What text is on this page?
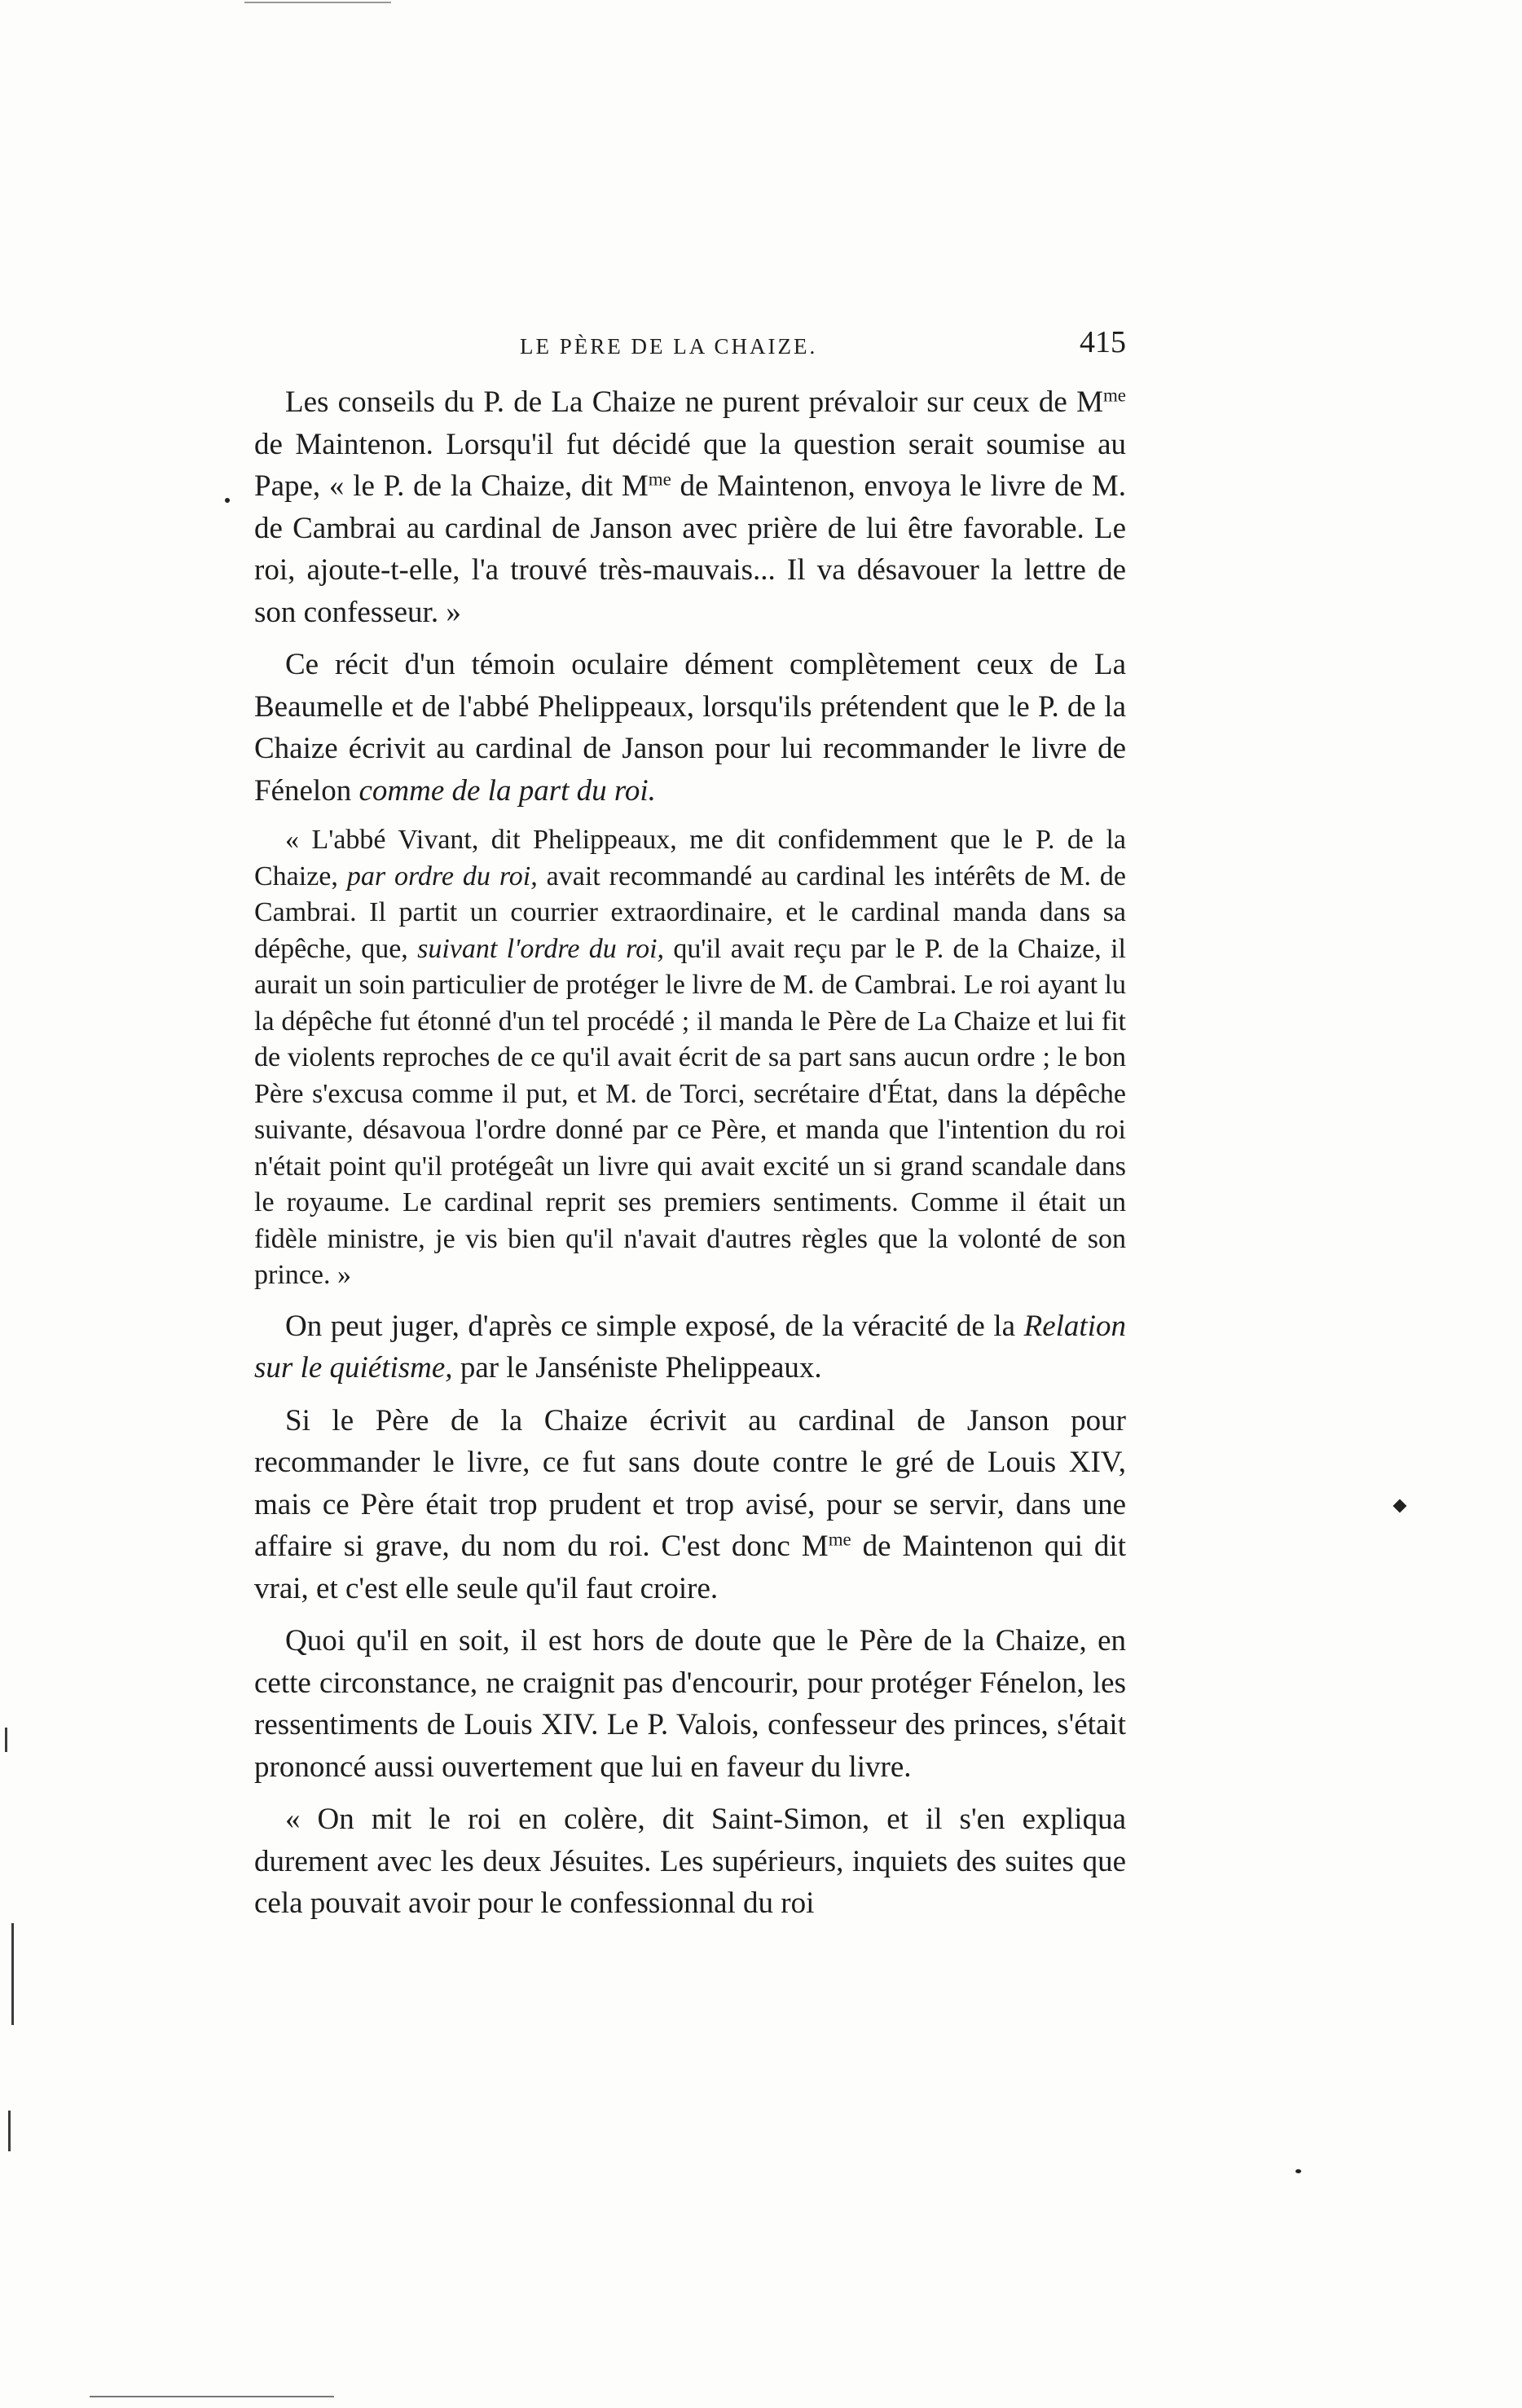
LE PÈRE DE LA CHAIZE.	415

Les conseils du P. de La Chaize ne purent prévaloir sur ceux de $M^{me}$ de Maintenon. Lorsqu'il fut décidé que la question serait soumise au Pape, « le P. de la Chaize, dit $M^{me}$ de Maintenon, envoya le livre de M. de Cambrai au cardinal de Janson avec prière de lui être favorable. Le roi, ajoute-t-elle, l'a trouvé très-mauvais... Il va désavouer la lettre de son confesseur. »

Ce récit d'un témoin oculaire dément complètement ceux de La Beaumelle et de l'abbé Phelippeaux, lorsqu'ils prétendent que le P. de la Chaize écrivit au cardinal de Janson pour lui recommander le livre de Fénelon comme de la part du roi.

« L'abbé Vivant, dit Phelippeaux, me dit confidemment que le P. de la Chaize, par ordre du roi, avait recommandé au cardinal les intérêts de M. de Cambrai. Il partit un courrier extraordinaire, et le cardinal manda dans sa dépêche, que, suivant l'ordre du roi, qu'il avait reçu par le P. de la Chaize, il aurait un soin particulier de protéger le livre de M. de Cambrai. Le roi ayant lu la dépêche fut étonné d'un tel procédé ; il manda le Père de La Chaize et lui fit de violents reproches de ce qu'il avait écrit de sa part sans aucun ordre ; le bon Père s'excusa comme il put, et M. de Torci, secrétaire d'État, dans la dépêche suivante, désavoua l'ordre donné par ce Père, et manda que l'intention du roi n'était point qu'il protégeât un livre qui avait excité un si grand scandale dans le royaume. Le cardinal reprit ses premiers sentiments. Comme il était un fidèle ministre, je vis bien qu'il n'avait d'autres règles que la volonté de son prince. »

On peut juger, d'après ce simple exposé, de la véracité de la Relation sur le quiétisme, par le Janséniste Phelippeaux.

Si le Père de la Chaize écrivit au cardinal de Janson pour recommander le livre, ce fut sans doute contre le gré de Louis XIV, mais ce Père était trop prudent et trop avisé, pour se servir, dans une affaire si grave, du nom du roi. C'est donc $M^{me}$ de Maintenon qui dit vrai, et c'est elle seule qu'il faut croire.

Quoi qu'il en soit, il est hors de doute que le Père de la Chaize, en cette circonstance, ne craignit pas d'encourir, pour protéger Fénelon, les ressentiments de Louis XIV. Le P. Valois, confesseur des princes, s'était prononcé aussi ouvertement que lui en faveur du livre.

« On mit le roi en colère, dit Saint-Simon, et il s'en expliqua durement avec les deux Jésuites. Les supérieurs, inquiets des suites que cela pouvait avoir pour le confessionnal du roi
